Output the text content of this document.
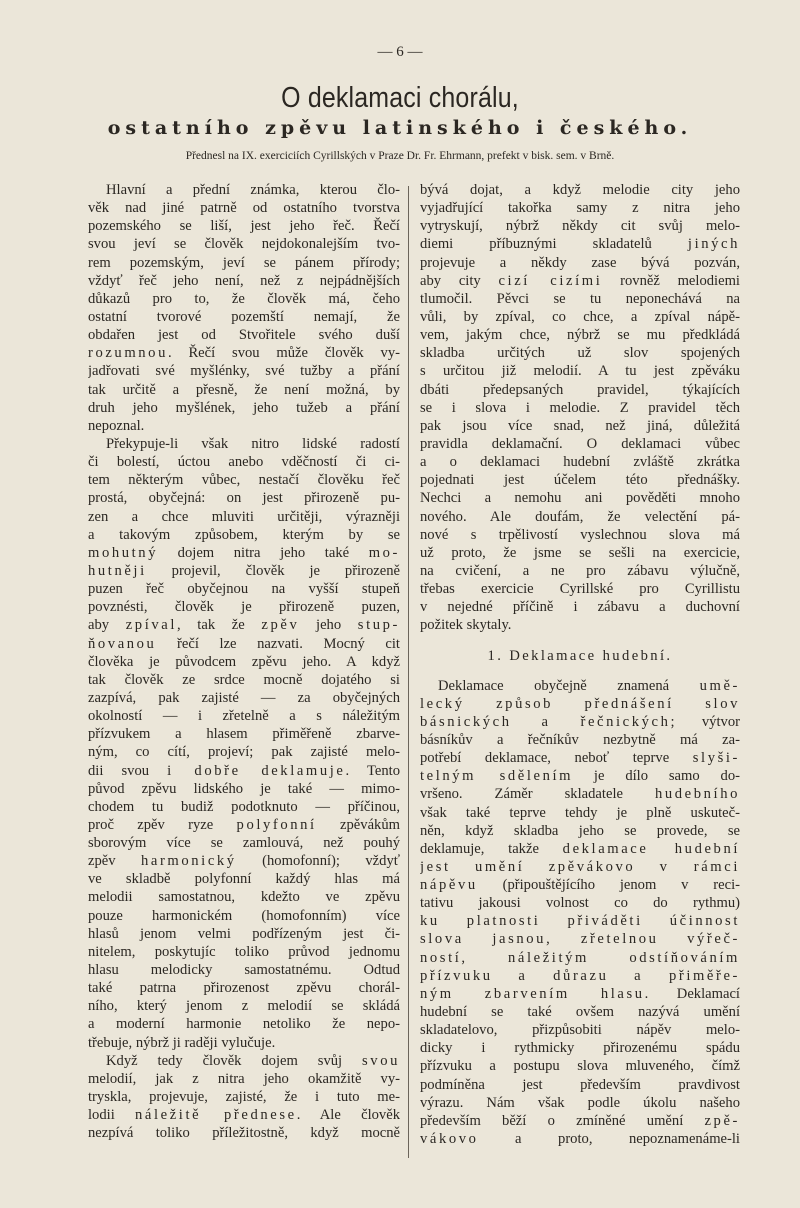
— 6 —
O deklamaci chorálu,
ostatního zpěvu latinského i českého.
Přednesl na IX. exerciciích Cyrillských v Praze Dr. Fr. Ehrmann, prefekt v bisk. sem. v Brně.
Hlavní a přední známka, kterou člo-
věk nad jiné patrně od ostatního tvorstva
pozemského se liší, jest jeho řeč. Řečí
svou jeví se člověk nejdokonalejším tvo-
rem pozemským, jeví se pánem přírody;
vždyť řeč jeho není, než z nejpádnějších
důkazů pro to, že člověk má, čeho
ostatní tvorové pozemští nemají, že
obdařen jest od Stvořitele svého duší
rozumnou. Řečí svou může člověk vy-
jadřovati své myšlénky, své tužby a přání
tak určitě a přesně, že není možná, by
druh jeho myšlének, jeho tužeb a přání
nepoznal.
Překypuje-li však nitro lidské radostí
či bolestí, úctou anebo vděčností či ci-
tem některým vůbec, nestačí člověku řeč
prostá, obyčejná: on jest přirozeně pu-
zen a chce mluviti určitěji, výrazněji
a takovým způsobem, kterým by se
mohutný dojem nitra jeho také mo-
hutněji projevil, člověk je přirozeně
puzen řeč obyčejnou na vyšší stupeň
povznésti, člověk je přirozeně puzen,
aby zpíval, tak že zpěv jeho stup-
ňovanou řečí lze nazvati. Mocný cit
člověka je původcem zpěvu jeho. A když
tak člověk ze srdce mocně dojatého si
zazpívá, pak zajisté — za obyčejných
okolností — i zřetelně a s náležitým
přízvukem a hlasem přiměřeně zbarve-
ným, co cítí, projeví; pak zajisté melo-
dii svou i dobře deklamuje. Tento
původ zpěvu lidského je také — mimo-
chodem tu budiž podotknuto — příčinou,
proč zpěv ryze polyfonní zpěvákům
sborovým více se zamlouvá, než pouhý
zpěv harmonický (homofonní); vždyť
ve skladbě polyfonní každý hlas má
melodii samostatnou, kdežto ve zpěvu
pouze harmonickém (homofonním) více
hlasů jenom velmi podřízeným jest či-
nitelem, poskytujíc toliko průvod jednomu
hlasu melodicky samostatnému. Odtud
také patrna přirozenost zpěvu chorál-
ního, který jenom z melodií se skládá
a moderní harmonie netoliko že nepo-
třebuje, nýbrž ji raději vylučuje.
Když tedy člověk dojem svůj svou
melodií, jak z nitra jeho okamžitě vy-
tryskla, projevuje, zajisté, že i tuto me-
lodii náležitě přednese. Ale člověk
nezpívá toliko příležitostně, když mocně
bývá dojat, a když melodie city jeho
vyjadřující takořka samy z nitra jeho
vytryskují, nýbrž někdy cit svůj melo-
diemi příbuznými skladatelů jiných
projevuje a někdy zase bývá pozván,
aby city cizí cizími rovněž melodiemi
tlumočil. Pěvci se tu neponechává na
vůli, by zpíval, co chce, a zpíval nápě-
vem, jakým chce, nýbrž se mu předkládá
skladba určitých už slov spojených
s určitou již melodií. A tu jest zpěváku
dbáti předepsaných pravidel, týkajících
se i slova i melodie. Z pravidel těch
pak jsou více snad, než jiná, důležitá
pravidla deklamační. O deklamaci vůbec
a o deklamaci hudební zvláště zkrátka
pojednati jest účelem této přednášky.
Nechci a nemohu ani pověděti mnoho
nového. Ale doufám, že velectění pá-
nové s trpělivostí vyslechnou slova má
už proto, že jsme se sešli na exercicie,
na cvičení, a ne pro zábavu výlučně,
třebas exercicie Cyrillské pro Cyrillistu
v nejedné příčině i zábavu a duchovní
požitek skytaly.
1. Deklamace hudební.
Deklamace obyčejně znamená umě-
lecký způsob přednášení slov
básnických a řečnických; výtvor
básníkův a řečníkův nezbytně má za-
potřebí deklamace, neboť teprve slyši-
telným sdělením je dílo samo do-
vršeno. Záměr skladatele hudebního
však také teprve tehdy je plně uskuteč-
něn, když skladba jeho se provede, se
deklamuje, takže deklamace hudební
jest umění zpěvákovo v rámci
nápěvu (připouštějícího jenom v reci-
tativu jakousi volnost co do rythmu)
ku platnosti přiváděti účinnost
slova jasnou, zřetelnou výřeč-
ností, náležitým odstíňováním
přízvuku a důrazu a přiměře-
ným zbarvením hlasu. Deklamací
hudební se také ovšem nazývá umění
skladatelovo, přizpůsobiti nápěv melo-
dicky i rythmicky přirozenému spádu
přízvuku a postupu slova mluveného, čímž
podmíněna jest především pravdivost
výrazu. Nám však podle úkolu našeho
především běží o zmíněné umění zpě-
vákovo a proto, nepoznamenáme-li
